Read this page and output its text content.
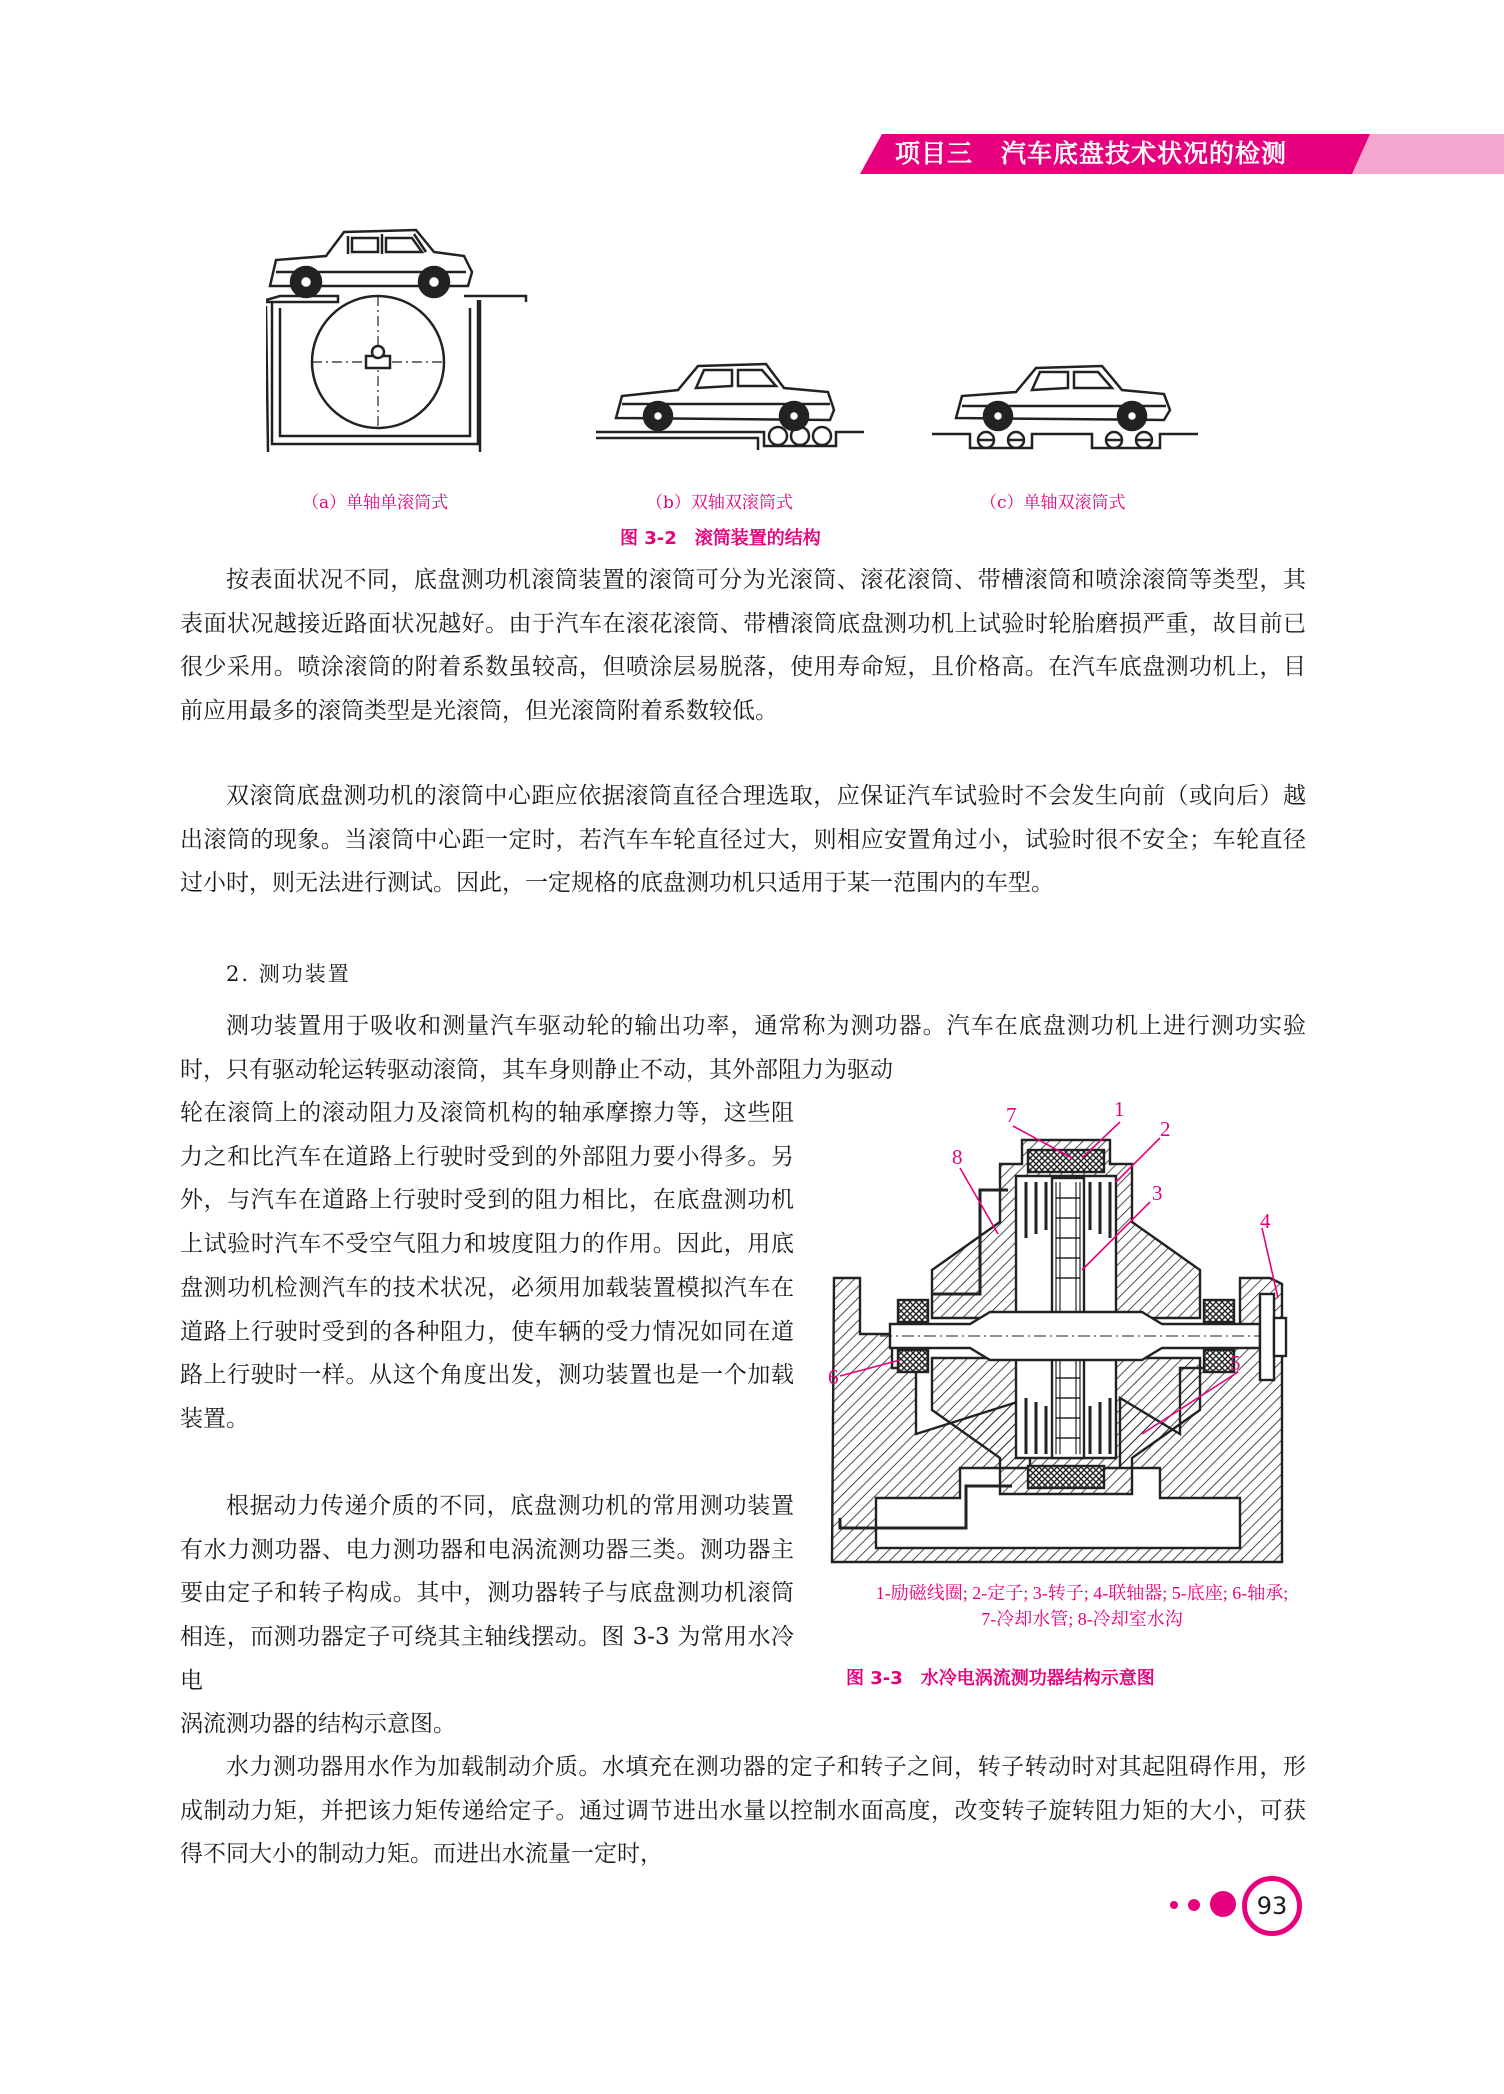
项目三 汽车底盘技术状况的检测
（a）单轴单滚筒式	（b）双轴双滚筒式	（c）单轴双滚筒式
图 3-2 滚筒装置的结构

按表面状况不同，底盘测功机滚筒装置的滚筒可分为光滚筒、滚花滚筒、带槽滚筒和喷涂滚筒等类型，其表面状况越接近路面状况越好。由于汽车在滚花滚筒、带槽滚筒底盘测功机上试验时轮胎磨损严重，故目前已很少采用。喷涂滚筒的附着系数虽较高，但喷涂层易脱落，使用寿命短，且价格高。在汽车底盘测功机上，目前应用最多的滚筒类型是光滚筒，但光滚筒附着系数较低。

双滚筒底盘测功机的滚筒中心距应依据滚筒直径合理选取，应保证汽车试验时不会发生向前（或向后）越出滚筒的现象。当滚筒中心距一定时，若汽车车轮直径过大，则相应安置角过小，试验时很不安全；车轮直径过小时，则无法进行测试。因此，一定规格的底盘测功机只适用于某一范围内的车型。

2. 测功装置

测功装置用于吸收和测量汽车驱动轮的输出功率，通常称为测功器。汽车在底盘测功机上进行测功实验时，只有驱动轮运转驱动滚筒，其车身则静止不动，其外部阻力为驱动

轮在滚筒上的滚动阻力及滚筒机构的轴承摩擦力等，这些阻力之和比汽车在道路上行驶时受到的外部阻力要小得多。另外，与汽车在道路上行驶时受到的阻力相比，在底盘测功机上试验时汽车不受空气阻力和坡度阻力的作用。因此，用底盘测功机检测汽车的技术状况，必须用加载装置模拟汽车在道路上行驶时受到的各种阻力，使车辆的受力情况如同在道路上行驶时一样。从这个角度出发，测功装置也是一个加载装置。

根据动力传递介质的不同，底盘测功机的常用测功装置有水力测功器、电力测功器和电涡流测功器三类。测功器主要由定子和转子构成。其中，测功器转子与底盘测功机滚筒相连，而测功器定子可绕其主轴线摆动。图 3-3 为常用水冷电

涡流测功器的结构示意图。

水力测功器用水作为加载制动介质。水填充在测功器的定子和转子之间，转子转动时对其起阻碍作用，形成制动力矩，并把该力矩传递给定子。通过调节进出水量以控制水面高度，改变转子旋转阻力矩的大小，可获得不同大小的制动力矩。而进出水流量一定时，

7	1
2
8
3
4
5
6
1-励磁线圈; 2-定子; 3-转子; 4-联轴器; 5-底座; 6-轴承;
7-冷却水管; 8-冷却室水沟
图 3-3 水冷电涡流测功器结构示意图
93
